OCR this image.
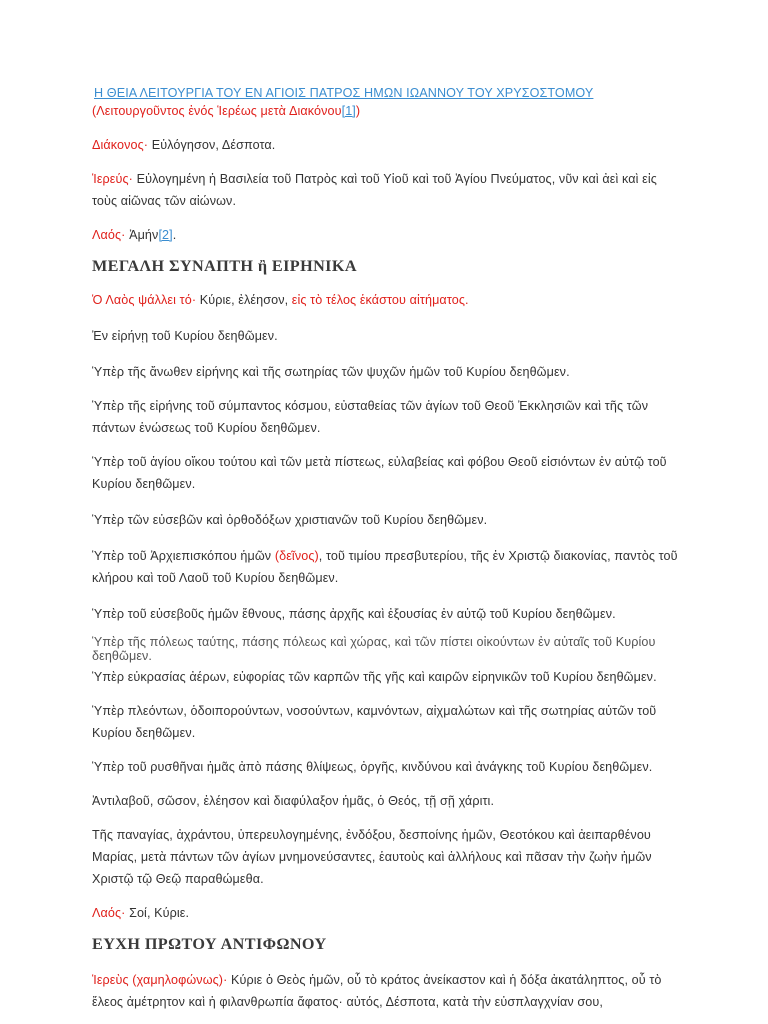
Η ΘΕΙΑ ΛΕΙΤΟΥΡΓΙΑ ΤΟΥ ΕΝ ΑΓΙΟΙΣ ΠΑΤΡΟΣ ΗΜΩΝ ΙΩΑΝΝΟΥ ΤΟΥ ΧΡΥΣΟΣΤΟΜΟΥ

(Λειτουργοῦντος ἑνός Ἱερέως μετὰ Διακόνου[1])

Διάκονος· Εὐλόγησον, Δέσποτα.

Ἱερεύς· Εὐλογημένη ἡ Βασιλεία τοῦ Πατρὸς καὶ τοῦ Υἱοῦ καὶ τοῦ Ἁγίου Πνεύματος, νῦν καὶ ἀεὶ καὶ εἰς τοὺς αἰῶνας τῶν αἰώνων.

Λαός· Ἀμήν[2].

ΜΕΓΑΛΗ ΣΥΝΑΠΤΗ ἢ ΕΙΡΗΝΙΚΑ

Ὁ Λαὸς ψάλλει τό· Κύριε, ἐλέησον, εἰς τὸ τέλος ἑκάστου αἰτήματος.

Ἐν εἰρήνῃ τοῦ Κυρίου δεηθῶμεν.

Ὑπὲρ τῆς ἄνωθεν εἰρήνης καὶ τῆς σωτηρίας τῶν ψυχῶν ἡμῶν τοῦ Κυρίου δεηθῶμεν.

Ὑπὲρ τῆς εἰρήνης τοῦ σύμπαντος κόσμου, εὐσταθείας τῶν ἁγίων τοῦ Θεοῦ Ἐκκλησιῶν καὶ τῆς τῶν πάντων ἑνώσεως τοῦ Κυρίου δεηθῶμεν.

Ὑπὲρ τοῦ ἁγίου οἴκου τούτου καὶ τῶν μετὰ πίστεως, εὐλαβείας καὶ φόβου Θεοῦ εἰσιόντων ἐν αὐτῷ τοῦ Κυρίου δεηθῶμεν.

Ὑπὲρ τῶν εὐσεβῶν καὶ ὀρθοδόξων χριστιανῶν τοῦ Κυρίου δεηθῶμεν.

Ὑπὲρ τοῦ Ἀρχιεπισκόπου ἡμῶν (δεῖνος), τοῦ τιμίου πρεσβυτερίου, τῆς ἐν Χριστῷ διακονίας, παντὸς τοῦ κλήρου καὶ τοῦ Λαοῦ τοῦ Κυρίου δεηθῶμεν.

Ὑπὲρ τοῦ εὐσεβοῦς ἡμῶν ἔθνους, πάσης ἀρχῆς καὶ ἐξουσίας ἐν αὐτῷ τοῦ Κυρίου δεηθῶμεν.

Ὑπὲρ τῆς πόλεως ταύτης, πάσης πόλεως καὶ χώρας, καὶ τῶν πίστει οἰκούντων ἐν αὐταῖς τοῦ Κυρίου δεηθῶμεν.

Ὑπὲρ εὐκρασίας ἀέρων, εὐφορίας τῶν καρπῶν τῆς γῆς καὶ καιρῶν εἰρηνικῶν τοῦ Κυρίου δεηθῶμεν.

Ὑπὲρ πλεόντων, ὁδοιπορούντων, νοσούντων, καμνόντων, αἰχμαλώτων καὶ τῆς σωτηρίας αὐτῶν τοῦ Κυρίου δεηθῶμεν.

Ὑπὲρ τοῦ ρυσθῆναι ἡμᾶς ἀπὸ πάσης θλίψεως, ὀργῆς, κινδύνου καὶ ἀνάγκης τοῦ Κυρίου δεηθῶμεν.

Ἀντιλαβοῦ, σῶσον, ἐλέησον καὶ διαφύλαξον ἡμᾶς, ὁ Θεός, τῇ σῇ χάριτι.

Τῆς παναγίας, ἀχράντου, ὑπερευλογημένης, ἐνδόξου, δεσποίνης ἡμῶν, Θεοτόκου καὶ ἀειπαρθένου Μαρίας, μετὰ πάντων τῶν ἁγίων μνημονεύσαντες, ἑαυτοὺς καὶ ἀλλήλους καὶ πᾶσαν τὴν ζωὴν ἡμῶν Χριστῷ τῷ Θεῷ παραθώμεθα.

Λαός· Σοί, Κύριε.

ΕΥΧΗ ΠΡΩΤΟΥ ΑΝΤΙΦΩΝΟΥ

Ἱερεὺς (χαμηλοφώνως)· Κύριε ὁ Θεὸς ἡμῶν, οὗ τὸ κράτος ἀνείκαστον καὶ ἡ δόξα ἀκατάληπτος, οὗ τὸ ἔλεος ἀμέτρητον καὶ ἡ φιλανθρωπία ἄφατος· αὐτός, Δέσποτα, κατὰ τὴν εὐσπλαγχνίαν σου,
